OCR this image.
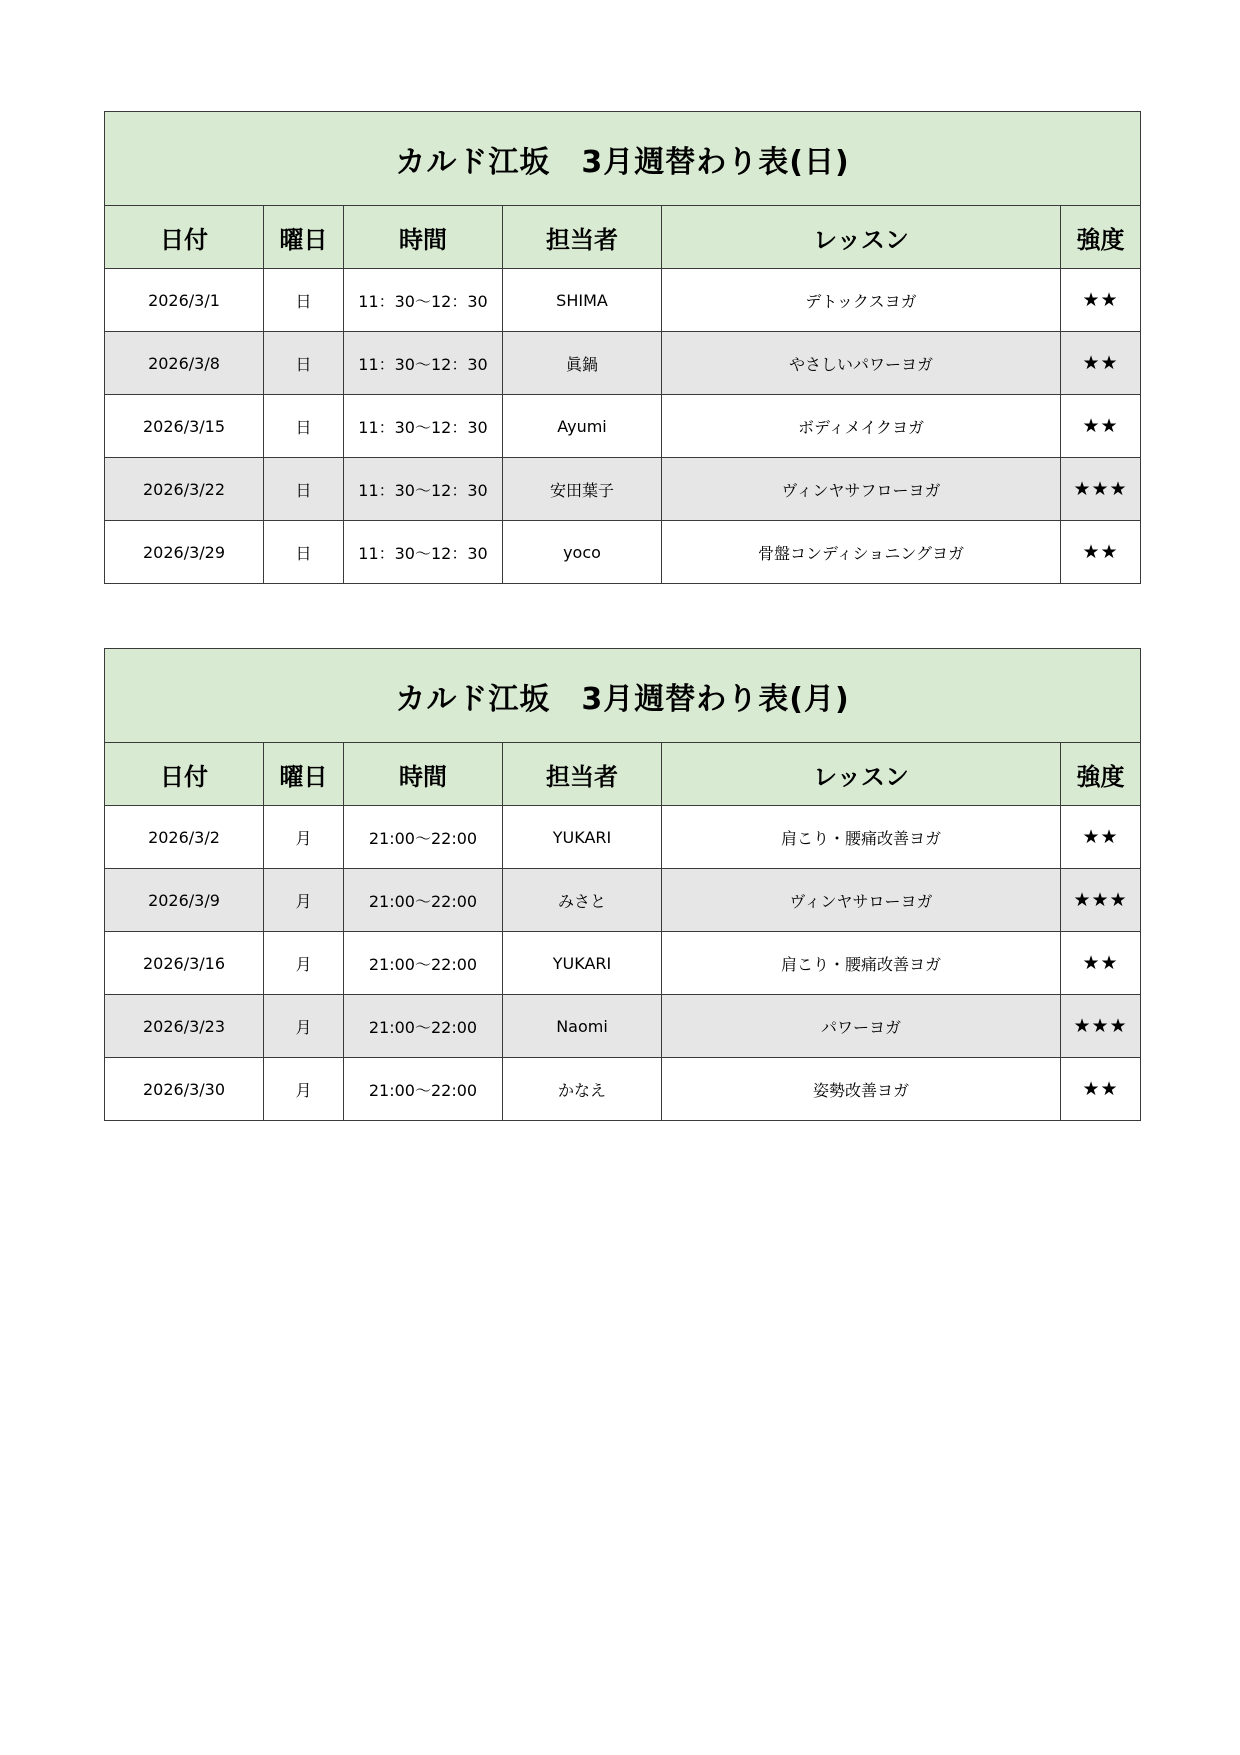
カルド江坂　3月週替わり表(日)					
日付	曜日	時間	担当者	レッスン	強度
2026/3/1	日	11：30～12：30	SHIMA	デトックスヨガ	★★
2026/3/8	日	11：30～12：30	眞鍋	やさしいパワーヨガ	★★
2026/3/15	日	11：30～12：30	Ayumi	ボディメイクヨガ	★★
2026/3/22	日	11：30～12：30	安田葉子	ヴィンヤサフローヨガ	★★★
2026/3/29	日	11：30～12：30	yoco	骨盤コンディショニングヨガ	★★
カルド江坂　3月週替わり表(月)					
日付	曜日	時間	担当者	レッスン	強度
2026/3/2	月	21:00～22:00	YUKARI	肩こり・腰痛改善ヨガ	★★
2026/3/9	月	21:00～22:00	みさと	ヴィンヤサローヨガ	★★★
2026/3/16	月	21:00～22:00	YUKARI	肩こり・腰痛改善ヨガ	★★
2026/3/23	月	21:00～22:00	Naomi	パワーヨガ	★★★
2026/3/30	月	21:00～22:00	かなえ	姿勢改善ヨガ	★★
